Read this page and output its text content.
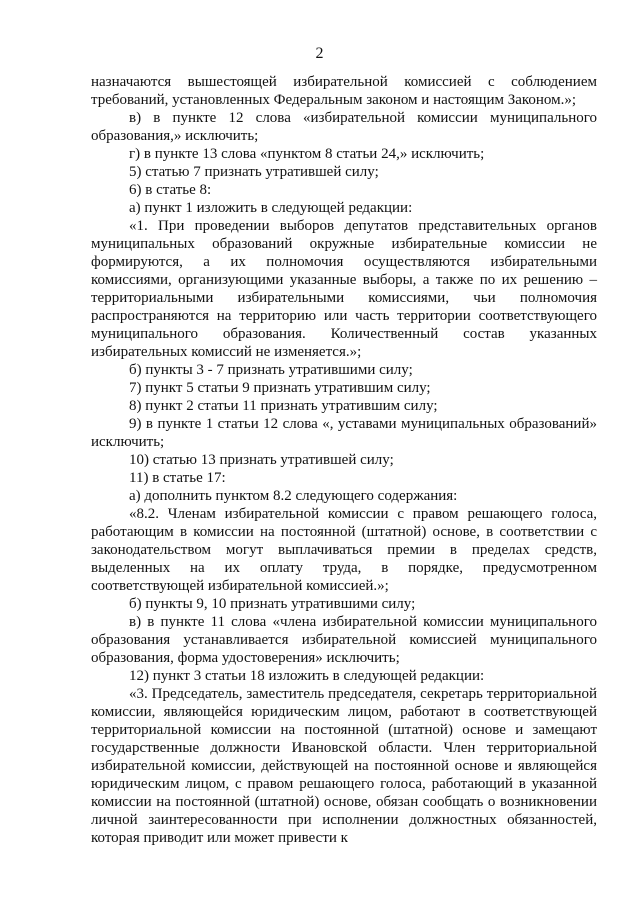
2

назначаются вышестоящей избирательной комиссией с соблюдением требований, установленных Федеральным законом и настоящим Законом.»;

в) в пункте 12 слова «избирательной комиссии муниципального образования,» исключить;

г) в пункте 13 слова «пунктом 8 статьи 24,» исключить;

5) статью 7 признать утратившей силу;

6) в статье 8:

а) пункт 1 изложить в следующей редакции:

«1. При проведении выборов депутатов представительных органов муниципальных образований окружные избирательные комиссии не формируются, а их полномочия осуществляются избирательными комиссиями, организующими указанные выборы, а также по их решению – территориальными избирательными комиссиями, чьи полномочия распространяются на территорию или часть территории соответствующего муниципального образования. Количественный состав указанных избирательных комиссий не изменяется.»;

б) пункты 3 - 7 признать утратившими силу;

7) пункт 5 статьи 9 признать утратившим силу;

8) пункт 2 статьи 11 признать утратившим силу;

9) в пункте 1 статьи 12 слова «, уставами муниципальных образований» исключить;

10) статью 13 признать утратившей силу;

11) в статье 17:

а) дополнить пунктом 8.2 следующего содержания:

«8.2. Членам избирательной комиссии с правом решающего голоса, работающим в комиссии на постоянной (штатной) основе, в соответствии с законодательством могут выплачиваться премии в пределах средств, выделенных на их оплату труда, в порядке, предусмотренном соответствующей избирательной комиссией.»;

б) пункты 9, 10 признать утратившими силу;

в) в пункте 11 слова «члена избирательной комиссии муниципального образования устанавливается избирательной комиссией муниципального образования, форма удостоверения» исключить;

12) пункт 3 статьи 18 изложить в следующей редакции:

«3. Председатель, заместитель председателя, секретарь территориальной комиссии, являющейся юридическим лицом, работают в соответствующей территориальной комиссии на постоянной (штатной) основе и замещают государственные должности Ивановской области. Член территориальной избирательной комиссии, действующей на постоянной основе и являющейся юридическим лицом, с правом решающего голоса, работающий в указанной комиссии на постоянной (штатной) основе, обязан сообщать о возникновении личной заинтересованности при исполнении должностных обязанностей, которая приводит или может привести к
